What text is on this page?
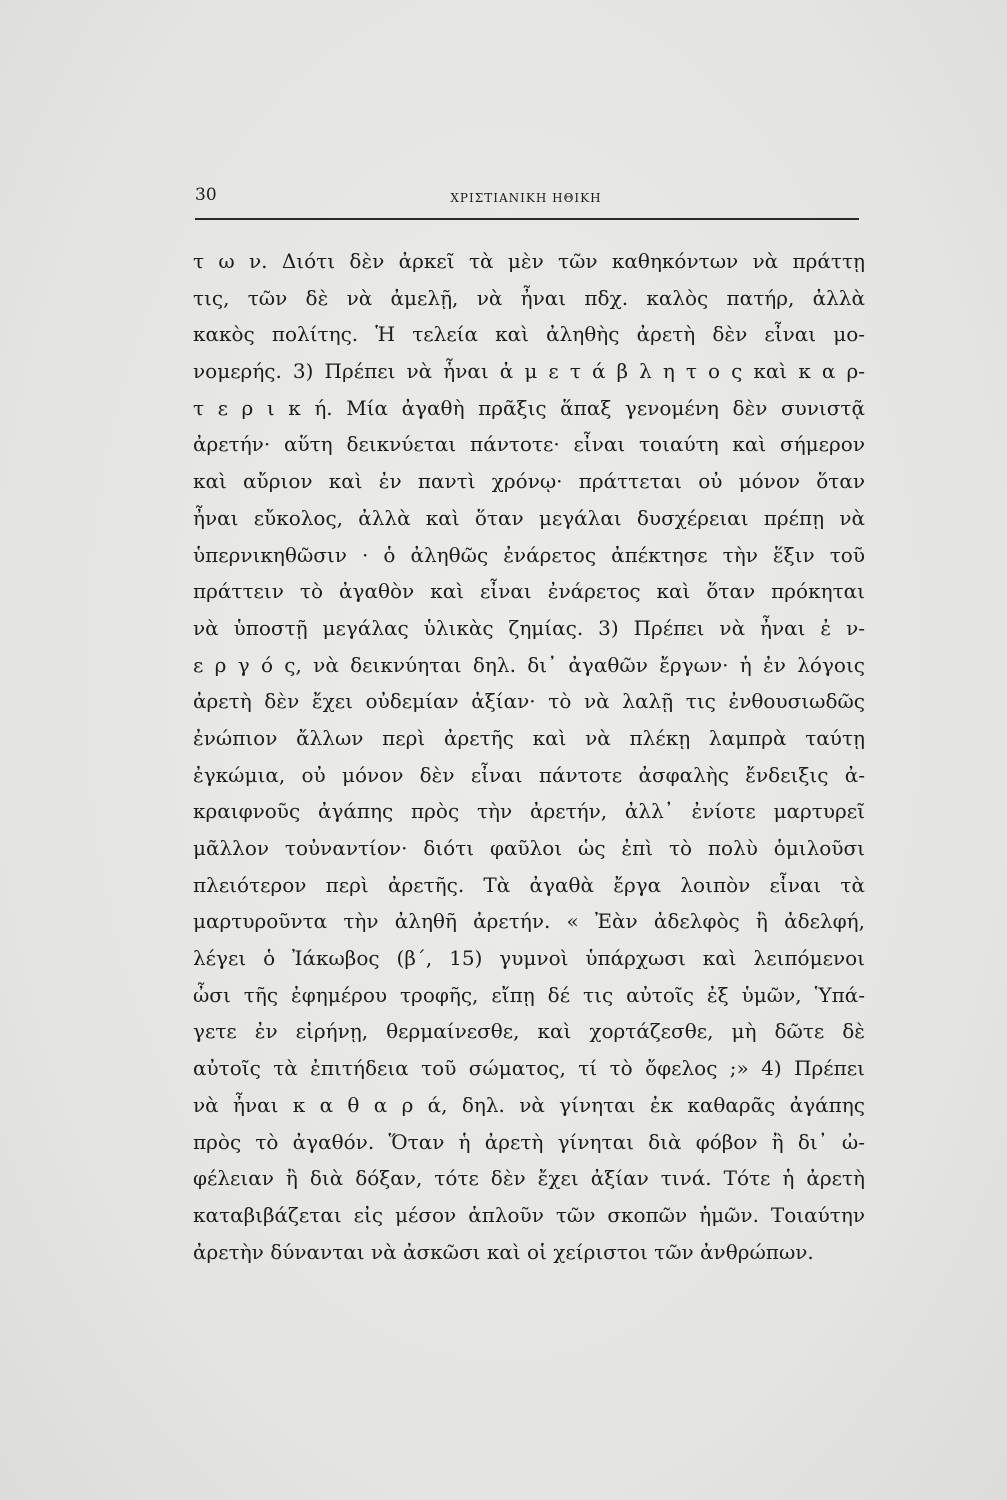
30	ΧΡΙΣΤΙΑΝΙΚΗ ΗΘΙΚΗ
τ ω ν. Διότι δὲν ἀρκεῖ τὰ μὲν τῶν καθηκόντων νὰ πράττῃ
τις, τῶν δὲ νὰ ἀμελῇ, νὰ ἦναι πδχ. καλὸς πατήρ, ἀλλὰ
κακὸς πολίτης. Ἡ τελεία καὶ ἀληθὴς ἀρετὴ δὲν εἶναι μο-
νομερής. 3) Πρέπει νὰ ἦναι ἀ μ ε τ ά β λ η τ ο ς καὶ κ α ρ-
τ ε ρ ι κ ή. Μία ἀγαθὴ πρᾶξις ἅπαξ γενομένη δὲν συνιστᾷ
ἀρετήν· αὕτη δεικνύεται πάντοτε· εἶναι τοιαύτη καὶ σήμερον
καὶ αὔριον καὶ ἐν παντὶ χρόνῳ· πράττεται οὐ μόνον ὅταν
ἦναι εὔκολος, ἀλλὰ καὶ ὅταν μεγάλαι δυσχέρειαι πρέπῃ νὰ
ὑπερνικηθῶσιν · ὁ ἀληθῶς ἐνάρετος ἀπέκτησε τὴν ἕξιν τοῦ
πράττειν τὸ ἀγαθὸν καὶ εἶναι ἐνάρετος καὶ ὅταν πρόκηται
νὰ ὑποστῇ μεγάλας ὑλικὰς ζημίας. 3) Πρέπει νὰ ἦναι ἐ ν-
ε ρ γ ό ς, νὰ δεικνύηται δηλ. δι᾽ ἀγαθῶν ἔργων· ἡ ἐν λόγοις
ἀρετὴ δὲν ἔχει οὐδεμίαν ἀξίαν· τὸ νὰ λαλῇ τις ἐνθουσιωδῶς
ἐνώπιον ἄλλων περὶ ἀρετῆς καὶ νὰ πλέκῃ λαμπρὰ ταύτῃ
ἐγκώμια, οὐ μόνον δὲν εἶναι πάντοτε ἀσφαλὴς ἔνδειξις ἀ-
κραιφνοῦς ἀγάπης πρὸς τὴν ἀρετήν, ἀλλ᾽ ἐνίοτε μαρτυρεῖ
μᾶλλον τοὐναντίον· διότι φαῦλοι ὡς ἐπὶ τὸ πολὺ ὁμιλοῦσι
πλειότερον περὶ ἀρετῆς. Τὰ ἀγαθὰ ἔργα λοιπὸν εἶναι τὰ
μαρτυροῦντα τὴν ἀληθῆ ἀρετήν. « Ἐὰν ἀδελφὸς ἢ ἀδελφή,
λέγει ὁ Ἰάκωβος (β΄, 15) γυμνοὶ ὑπάρχωσι καὶ λειπόμενοι
ὦσι τῆς ἐφημέρου τροφῆς, εἴπῃ δέ τις αὐτοῖς ἐξ ὑμῶν, Ὑπά-
γετε ἐν εἰρήνῃ, θερμαίνεσθε, καὶ χορτάζεσθε, μὴ δῶτε δὲ
αὐτοῖς τὰ ἐπιτήδεια τοῦ σώματος, τί τὸ ὄφελος ;» 4) Πρέπει
νὰ ἦναι κ α θ α ρ ά, δηλ. νὰ γίνηται ἐκ καθαρᾶς ἀγάπης
πρὸς τὸ ἀγαθόν. Ὅταν ἡ ἀρετὴ γίνηται διὰ φόβον ἢ δι᾽ ὠ-
φέλειαν ἢ διὰ δόξαν, τότε δὲν ἔχει ἀξίαν τινά. Τότε ἡ ἀρετὴ
καταβιβάζεται εἰς μέσον ἁπλοῦν τῶν σκοπῶν ἡμῶν. Τοιαύτην
ἀρετὴν δύνανται νὰ ἀσκῶσι καὶ οἱ χείριστοι τῶν ἀνθρώπων.
